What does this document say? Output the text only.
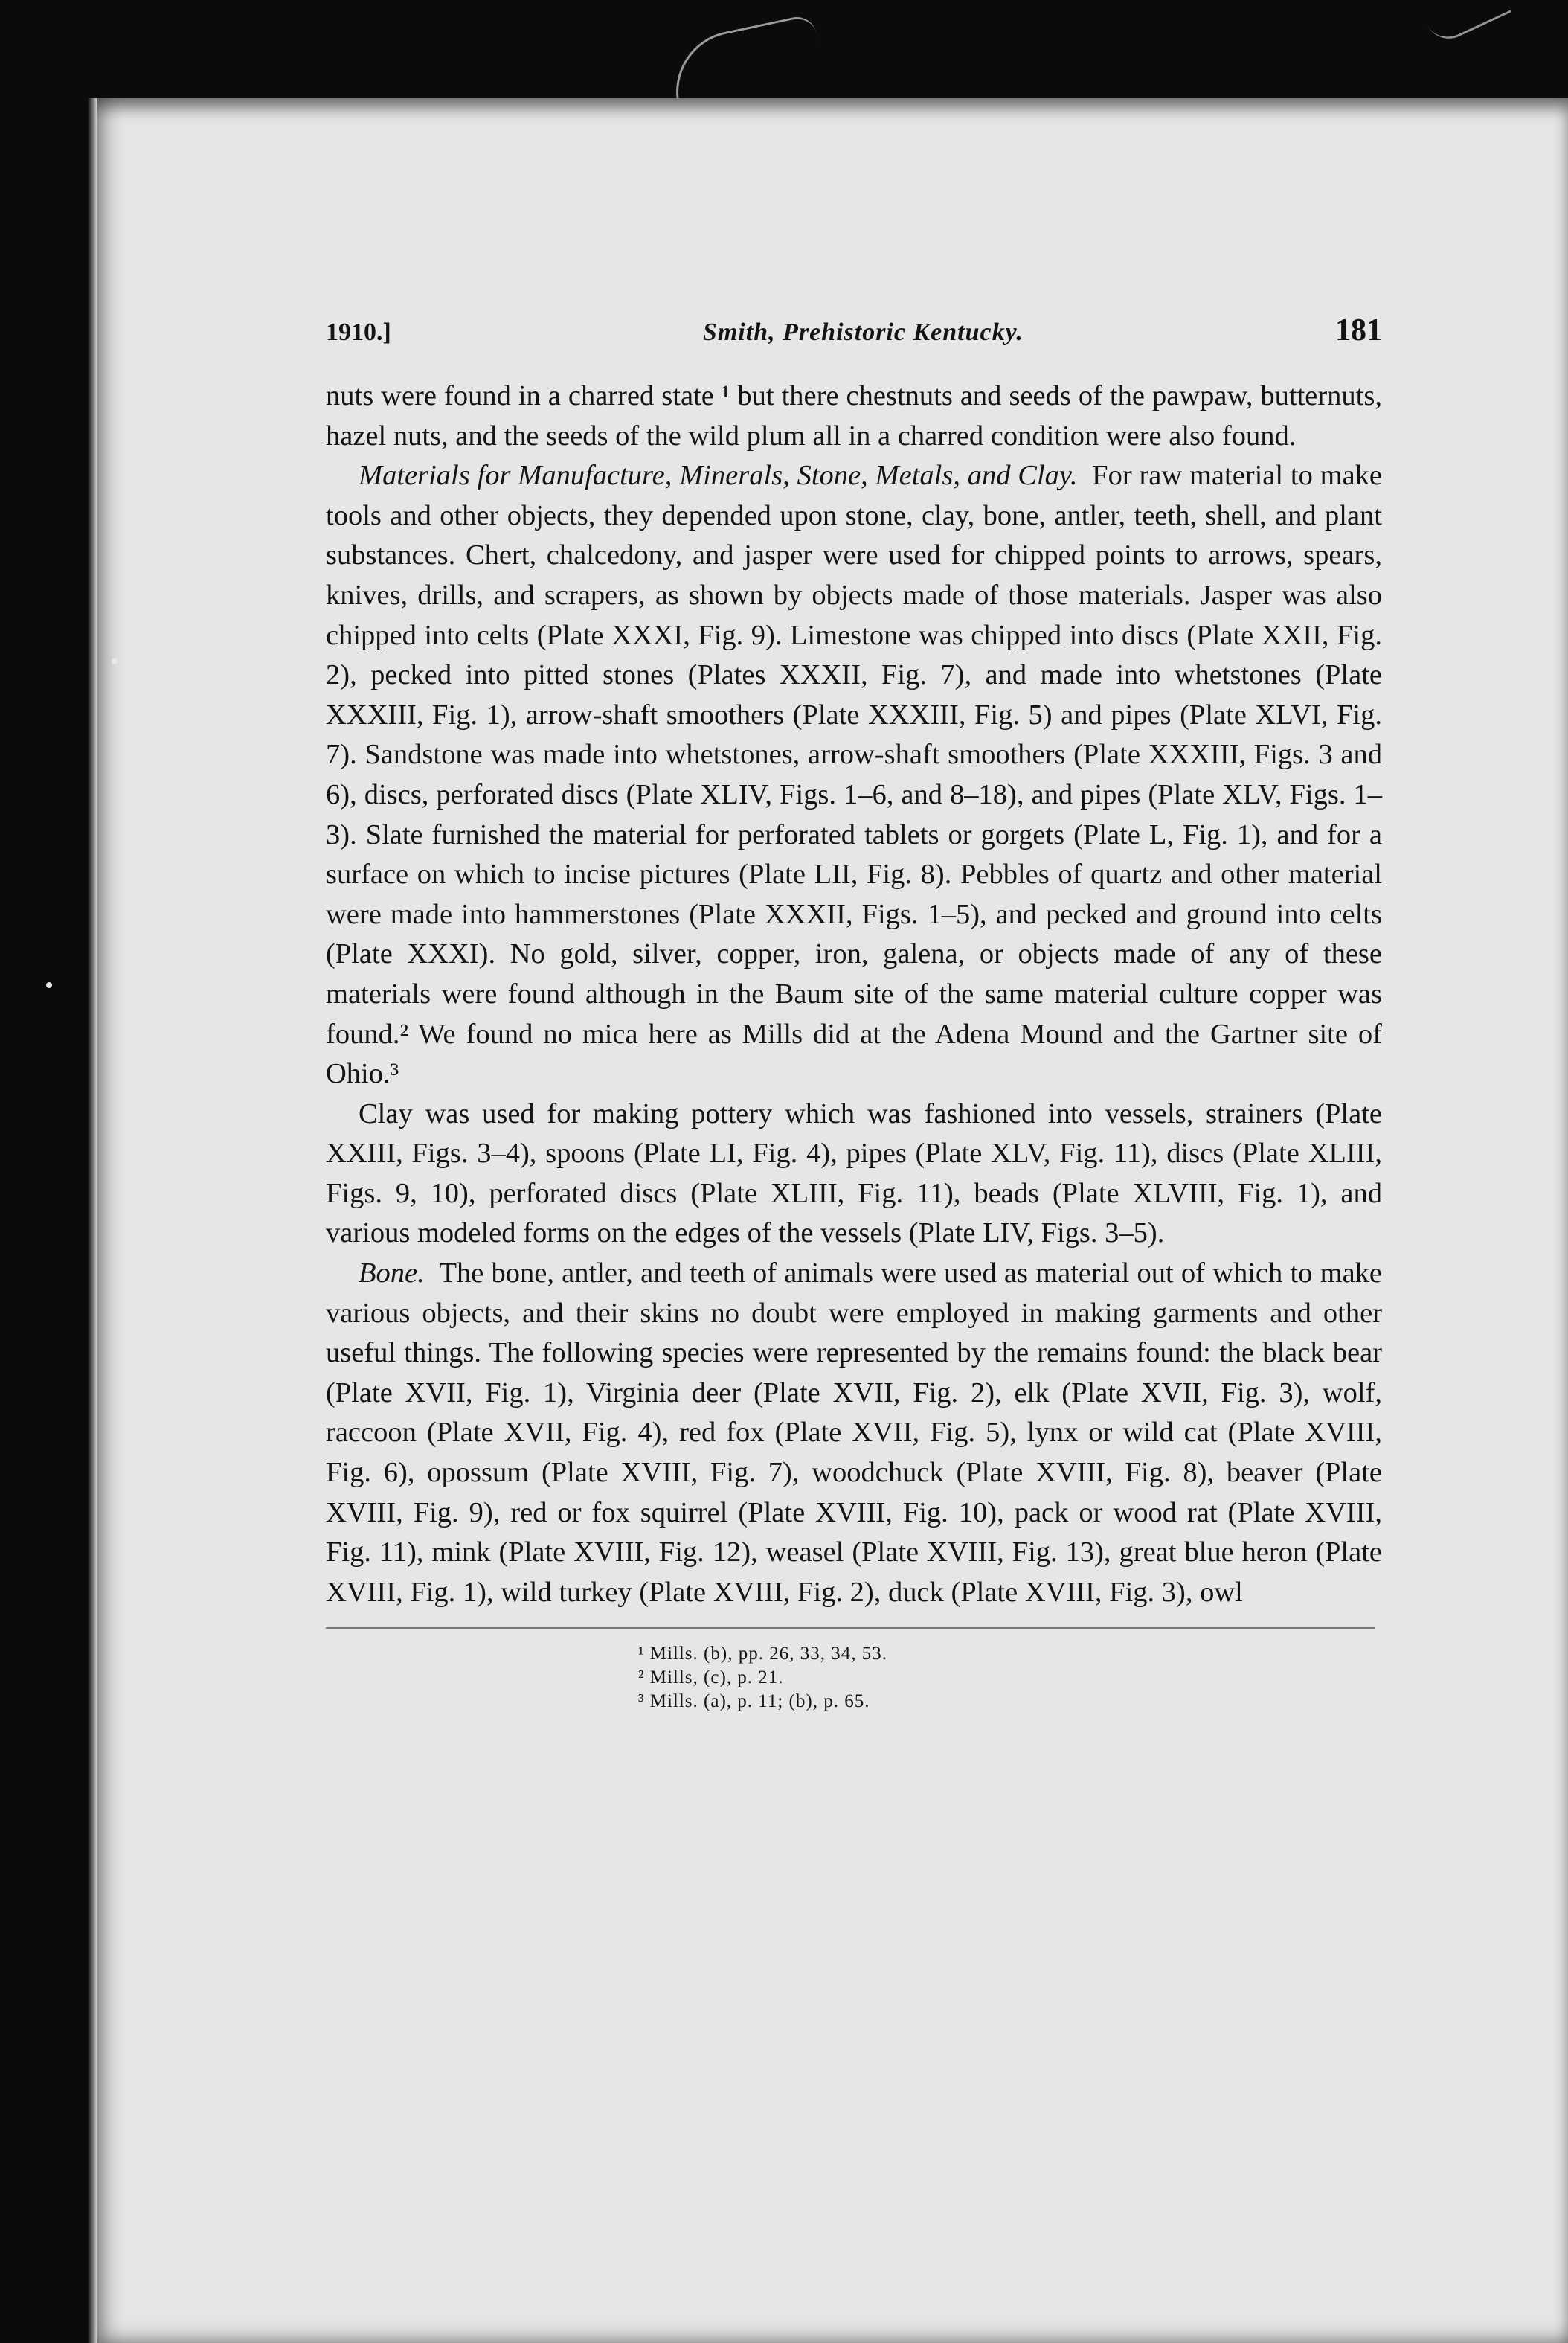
1910.]	Smith, Prehistoric Kentucky.	181

nuts were found in a charred state ¹ but there chestnuts and seeds of the pawpaw, butternuts, hazel nuts, and the seeds of the wild plum all in a charred condition were also found.

Materials for Manufacture, Minerals, Stone, Metals, and Clay. For raw material to make tools and other objects, they depended upon stone, clay, bone, antler, teeth, shell, and plant substances. Chert, chalcedony, and jasper were used for chipped points to arrows, spears, knives, drills, and scrapers, as shown by objects made of those materials. Jasper was also chipped into celts (Plate XXXI, Fig. 9). Limestone was chipped into discs (Plate XXII, Fig. 2), pecked into pitted stones (Plates XXXII, Fig. 7), and made into whetstones (Plate XXXIII, Fig. 1), arrow-shaft smoothers (Plate XXXIII, Fig. 5) and pipes (Plate XLVI, Fig. 7). Sandstone was made into whetstones, arrow-shaft smoothers (Plate XXXIII, Figs. 3 and 6), discs, perforated discs (Plate XLIV, Figs. 1–6, and 8–18), and pipes (Plate XLV, Figs. 1–3). Slate furnished the material for perforated tablets or gorgets (Plate L, Fig. 1), and for a surface on which to incise pictures (Plate LII, Fig. 8). Pebbles of quartz and other material were made into hammerstones (Plate XXXII, Figs. 1–5), and pecked and ground into celts (Plate XXXI). No gold, silver, copper, iron, galena, or objects made of any of these materials were found although in the Baum site of the same material culture copper was found.² We found no mica here as Mills did at the Adena Mound and the Gartner site of Ohio.³

Clay was used for making pottery which was fashioned into vessels, strainers (Plate XXIII, Figs. 3–4), spoons (Plate LI, Fig. 4), pipes (Plate XLV, Fig. 11), discs (Plate XLIII, Figs. 9, 10), perforated discs (Plate XLIII, Fig. 11), beads (Plate XLVIII, Fig. 1), and various modeled forms on the edges of the vessels (Plate LIV, Figs. 3–5).

Bone. The bone, antler, and teeth of animals were used as material out of which to make various objects, and their skins no doubt were employed in making garments and other useful things. The following species were represented by the remains found: the black bear (Plate XVII, Fig. 1), Virginia deer (Plate XVII, Fig. 2), elk (Plate XVII, Fig. 3), wolf, raccoon (Plate XVII, Fig. 4), red fox (Plate XVII, Fig. 5), lynx or wild cat (Plate XVIII, Fig. 6), opossum (Plate XVIII, Fig. 7), woodchuck (Plate XVIII, Fig. 8), beaver (Plate XVIII, Fig. 9), red or fox squirrel (Plate XVIII, Fig. 10), pack or wood rat (Plate XVIII, Fig. 11), mink (Plate XVIII, Fig. 12), weasel (Plate XVIII, Fig. 13), great blue heron (Plate XVIII, Fig. 1), wild turkey (Plate XVIII, Fig. 2), duck (Plate XVIII, Fig. 3), owl

¹ Mills. (b), pp. 26, 33, 34, 53.
² Mills, (c), p. 21.
³ Mills. (a), p. 11; (b), p. 65.
